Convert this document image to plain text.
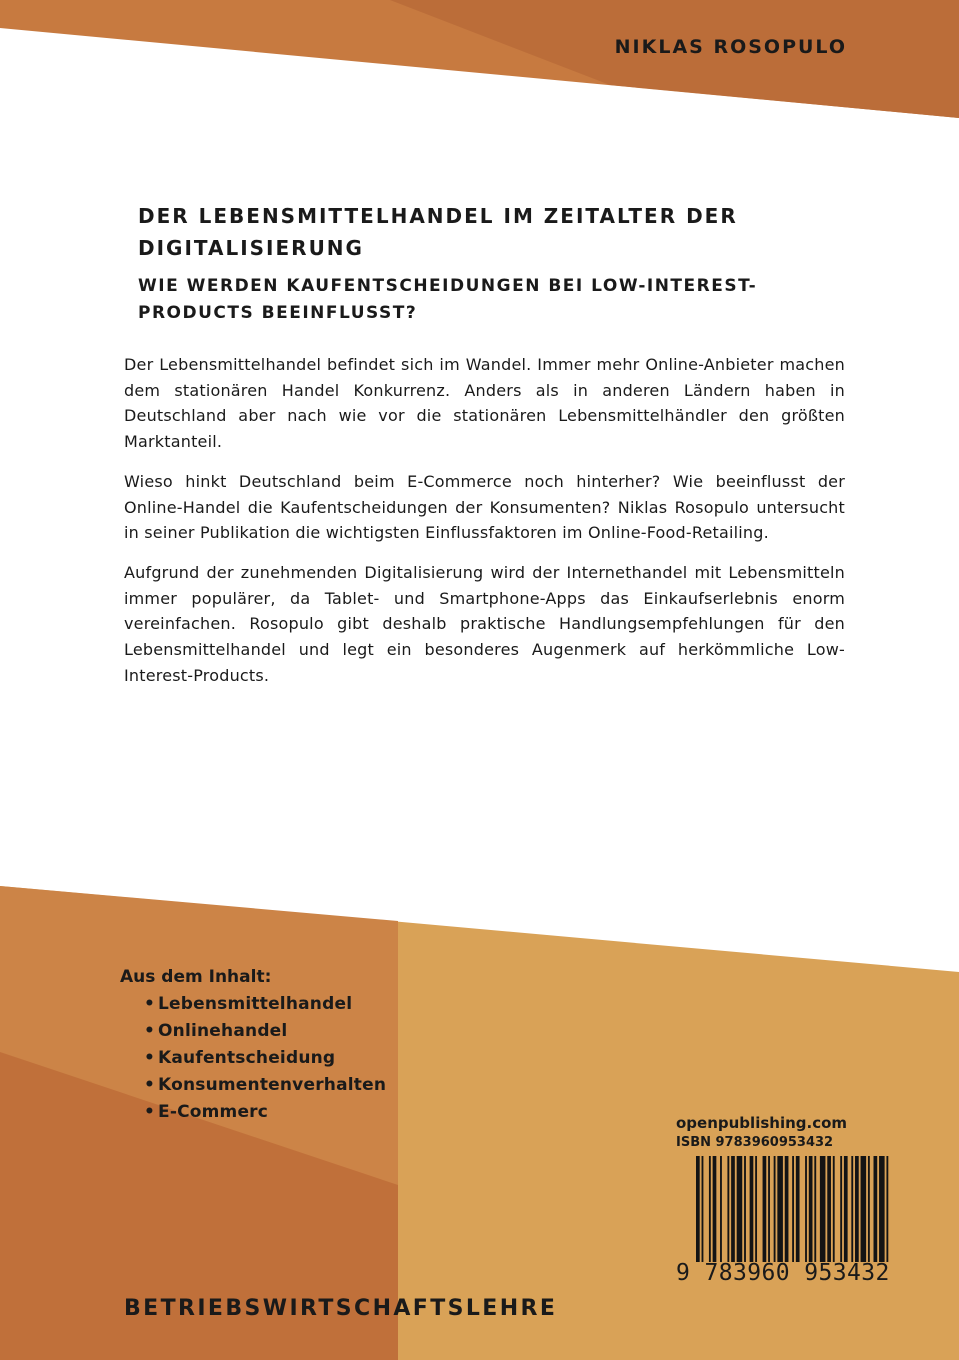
NIKLAS ROSOPULO
DER LEBENSMITTELHANDEL IM ZEITALTER DER DIGITALISIERUNG
WIE WERDEN KAUFENTSCHEIDUNGEN BEI LOW-INTEREST-PRODUCTS BEEINFLUSST?

Der Lebensmittelhandel befindet sich im Wandel. Immer mehr Online-Anbieter machen dem stationären Handel Konkurrenz. Anders als in anderen Ländern haben in Deutschland aber nach wie vor die stationären Lebensmittelhändler den größten Marktanteil.

Wieso hinkt Deutschland beim E-Commerce noch hinterher? Wie beeinflusst der Online-Handel die Kaufentscheidungen der Konsumenten? Niklas Rosopulo untersucht in seiner Publikation die wichtigsten Einflussfaktoren im Online-Food-Retailing.

Aufgrund der zunehmenden Digitalisierung wird der Internethandel mit Lebensmitteln immer populärer, da Tablet- und Smartphone-Apps das Einkaufserlebnis enorm vereinfachen. Rosopulo gibt deshalb praktische Handlungsempfehlungen für den Lebensmittelhandel und legt ein besonderes Augenmerk auf herkömmliche Low-Interest-Products.

Aus dem Inhalt:
• Lebensmittelhandel
• Onlinehandel
• Kaufentscheidung
• Konsumentenverhalten
• E-Commerc
openpublishing.com
ISBN 9783960953432
9 783960 953432
BETRIEBSWIRTSCHAFTSLEHRE
